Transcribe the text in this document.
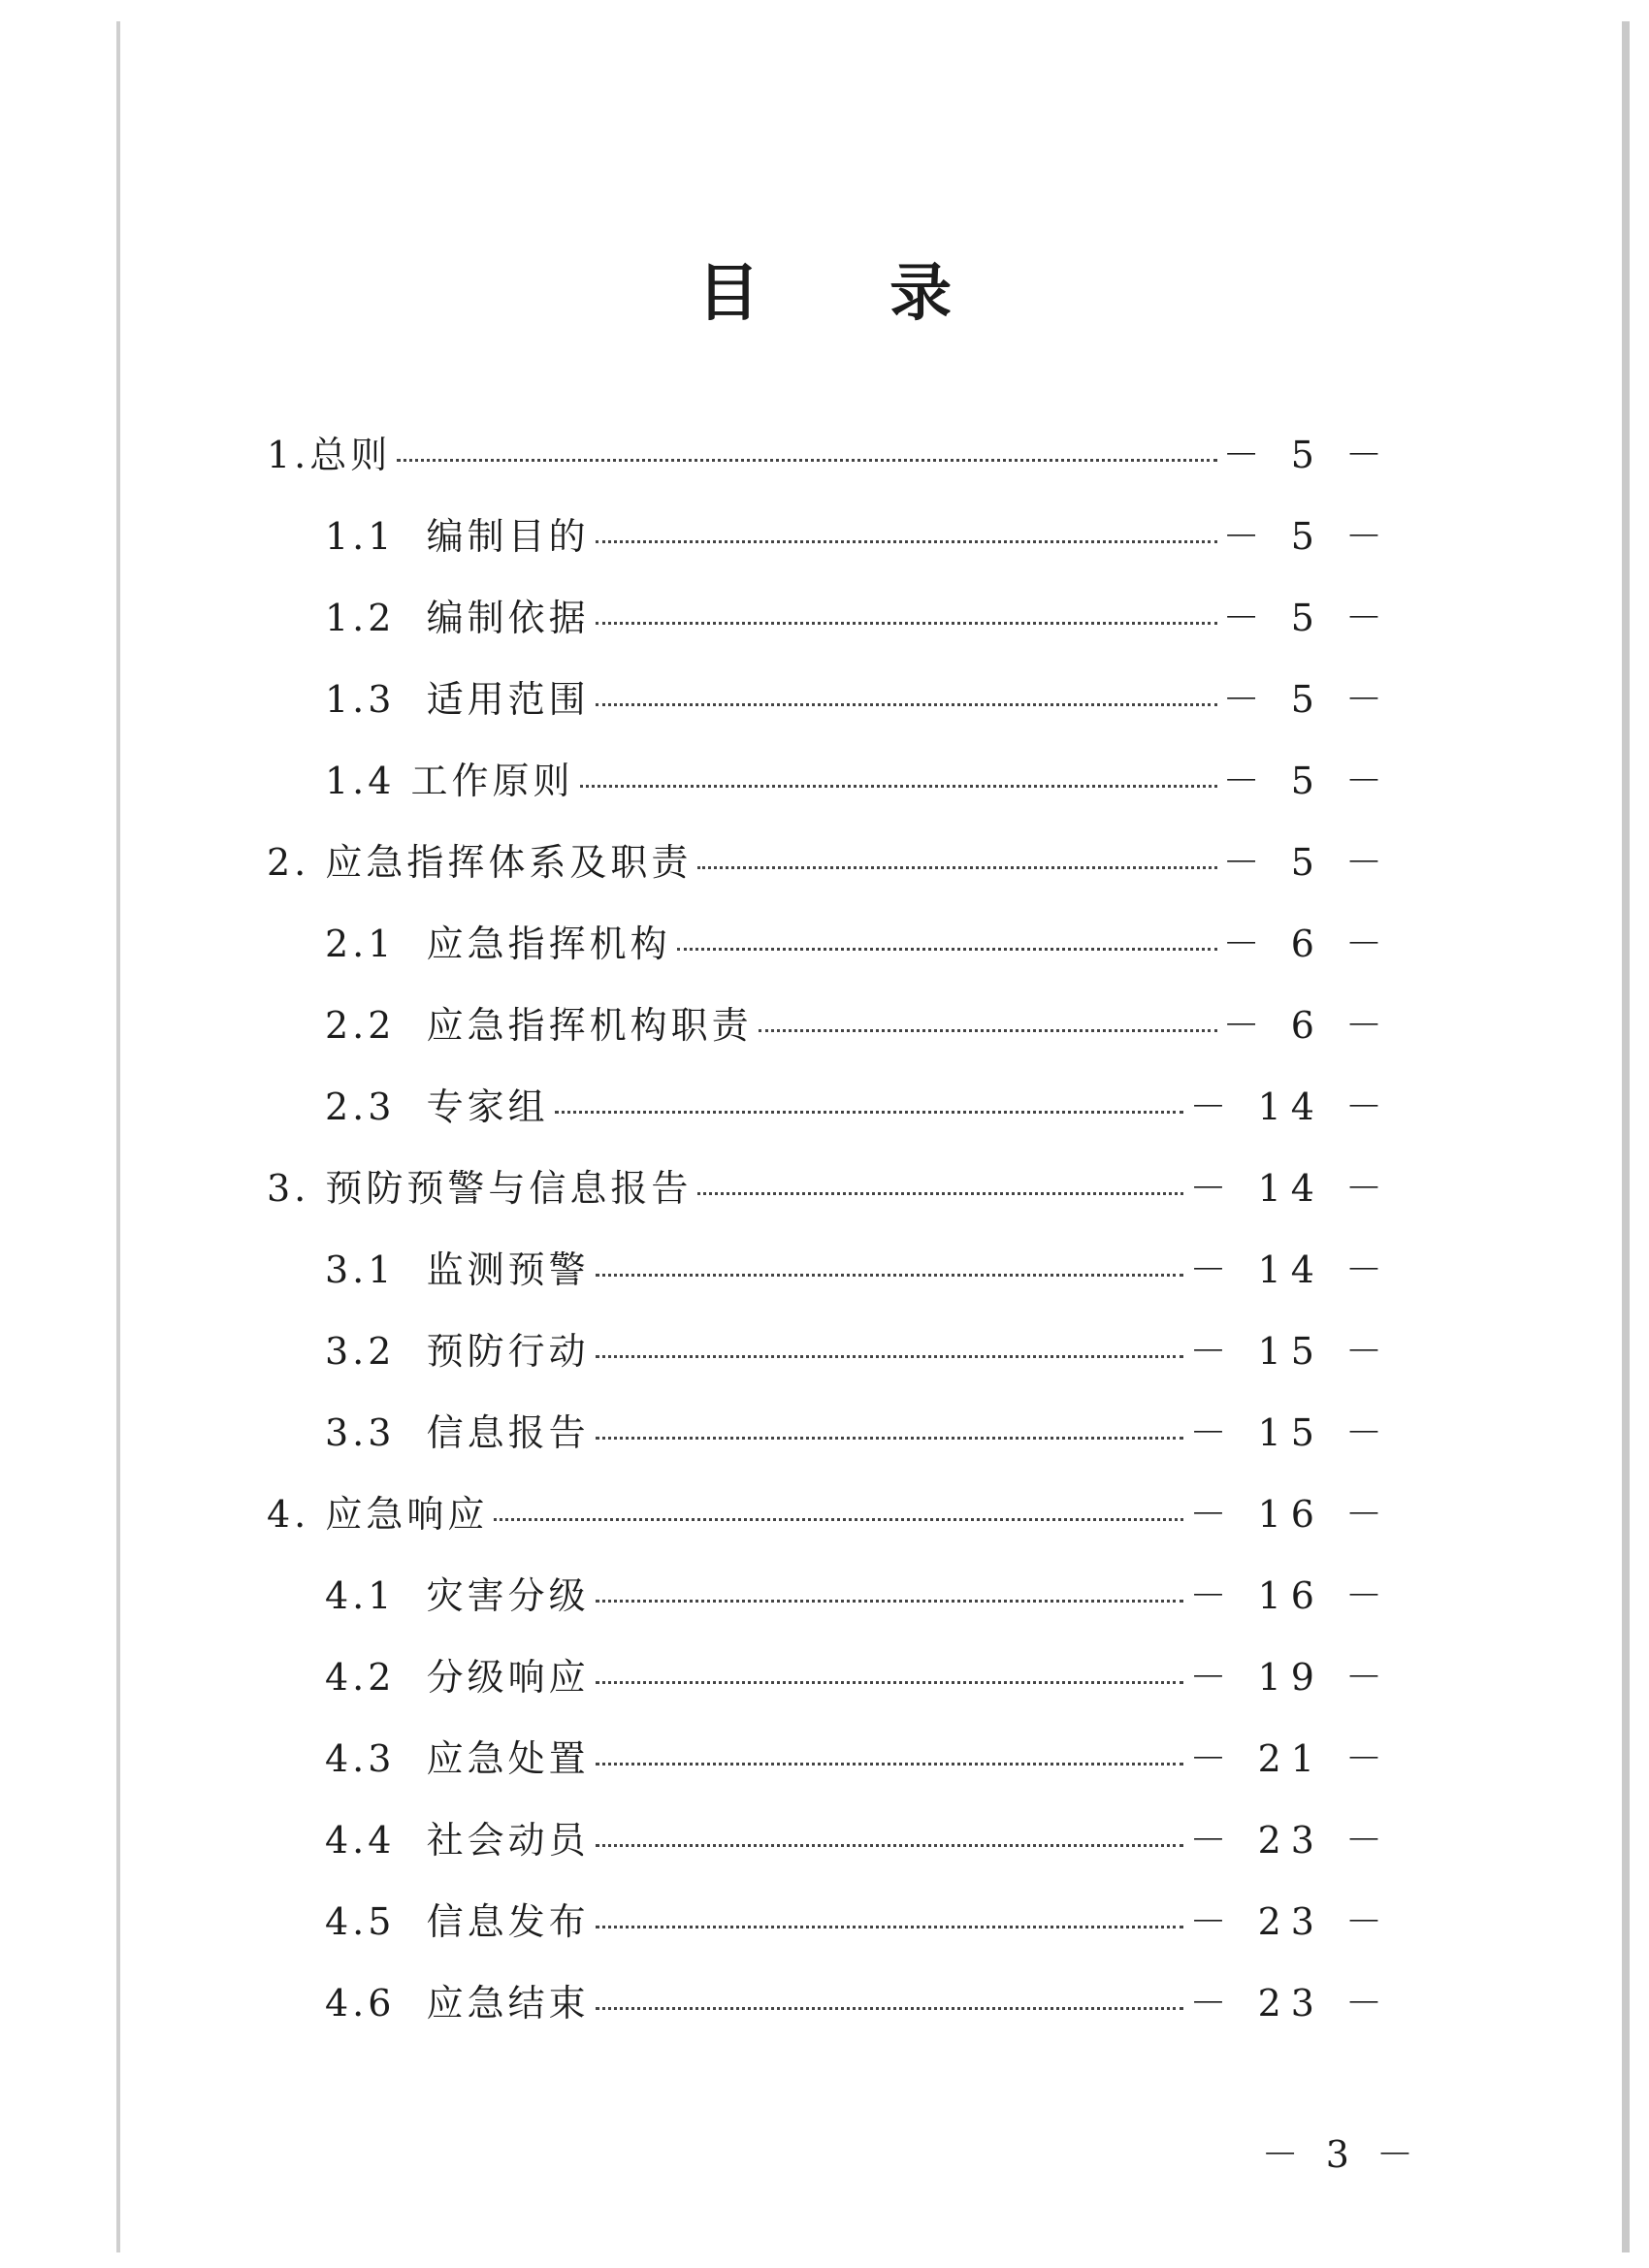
目 录
1.总则	－ 5 －
1.1  编制目的	－ 5 －
1.2  编制依据	－ 5 －
1.3  适用范围	－ 5 －
1.4 工作原则	－ 5 －
2. 应急指挥体系及职责	－ 5 －
2.1  应急指挥机构	－ 6 －
2.2  应急指挥机构职责	－ 6 －
2.3  专家组	－ 14 －
3. 预防预警与信息报告	－ 14 －
3.1  监测预警	－ 14 －
3.2  预防行动	－ 15 －
3.3  信息报告	－ 15 －
4. 应急响应	－ 16 －
4.1  灾害分级	－ 16 －
4.2  分级响应	－ 19 －
4.3  应急处置	－ 21 －
4.4  社会动员	－ 23 －
4.5  信息发布	－ 23 －
4.6  应急结束	－ 23 －
－ 3 －
